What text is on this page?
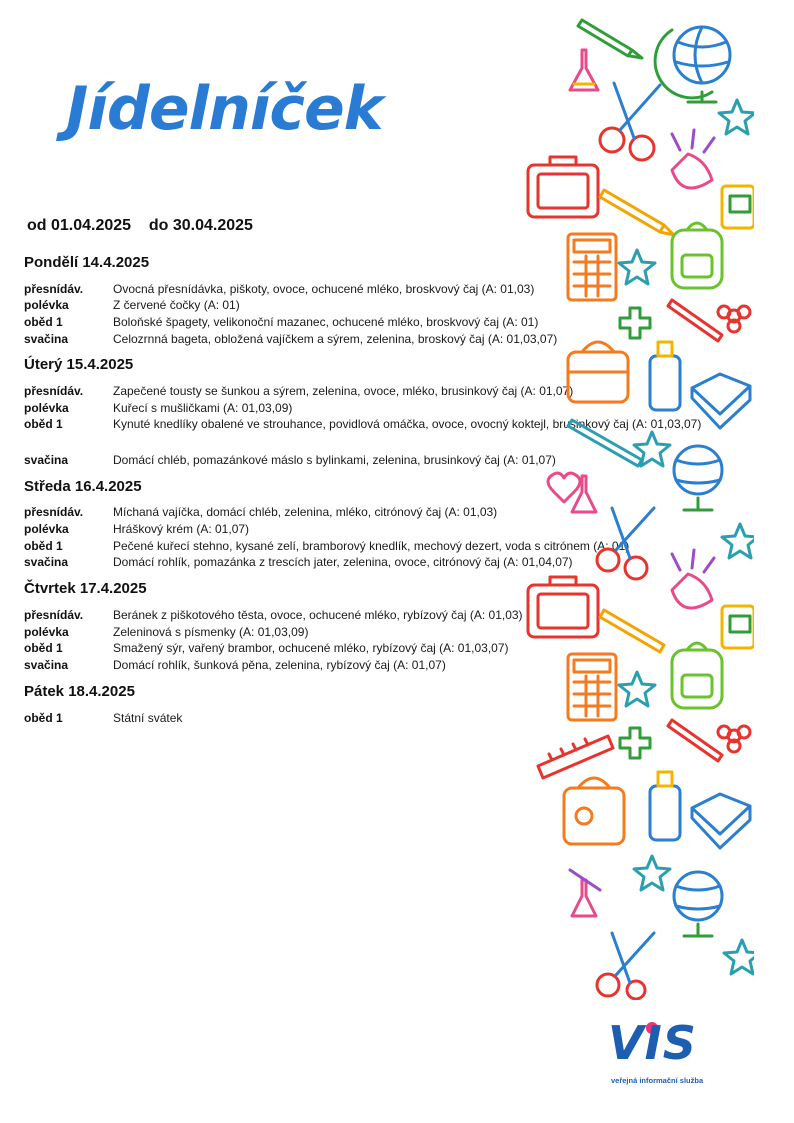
Jídelníček
od 01.04.2025 do 30.04.2025
Pondělí 14.4.2025
přesnídáv.	Ovocná přesnídávka, piškoty, ovoce, ochucené mléko, broskvový čaj (A: 01,03)
polévka	Z červené čočky (A: 01)
oběd 1	Boloňské špagety, velikonoční mazanec, ochucené mléko, broskvový čaj (A: 01)
svačina	Celozrnná bageta, obložená vajíčkem a sýrem, zelenina, broskový čaj (A: 01,03,07)
Úterý 15.4.2025
přesnídáv.	Zapečené tousty se šunkou a sýrem, zelenina, ovoce, mléko, brusinkový čaj (A: 01,07)
polévka	Kuřecí s mušličkami (A: 01,03,09)
oběd 1	Kynuté knedlíky obalené ve strouhance, povidlová omáčka, ovoce, ovocný koktejl, brusinkový čaj (A: 01,03,07)
svačina	Domácí chléb, pomazánkové máslo s bylinkami, zelenina, brusinkový čaj (A: 01,07)
Středa 16.4.2025
přesnídáv.	Míchaná vajíčka, domácí chléb, zelenina, mléko, citrónový čaj (A: 01,03)
polévka	Hráškový krém (A: 01,07)
oběd 1	Pečené kuřecí stehno, kysané zelí, bramborový knedlík, mechový dezert, voda s citrónem (A: 01)
svačina	Domácí rohlík, pomazánka z trescích jater, zelenina, ovoce, citrónový čaj (A: 01,04,07)
Čtvrtek 17.4.2025
přesnídáv.	Beránek z piškotového těsta, ovoce, ochucené mléko, rybízový čaj (A: 01,03)
polévka	Zeleninová s písmenky (A: 01,03,09)
oběd 1	Smažený sýr, vařený brambor, ochucené mléko, rybízový čaj (A: 01,03,07)
svačina	Domácí rohlík, šunková pěna, zelenina, rybízový čaj (A: 01,07)
Pátek 18.4.2025
oběd 1	Státní svátek
VIS
veřejná informační služba
